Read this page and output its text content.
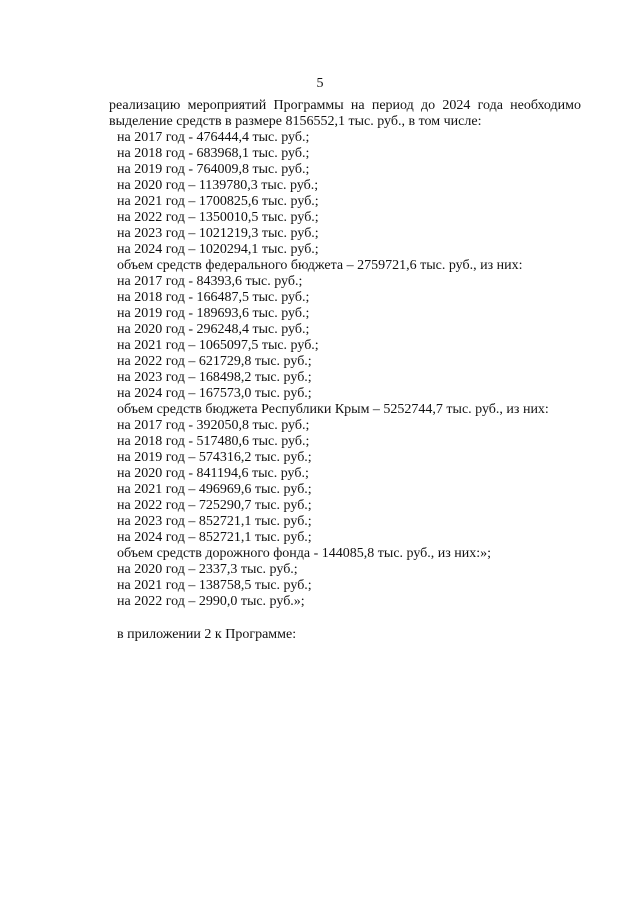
5
реализацию мероприятий Программы на период до 2024 года необходимо
выделение средств в размере 8156552,1 тыс. руб., в том числе:
на 2017 год - 476444,4 тыс. руб.;
на 2018 год - 683968,1 тыс. руб.;
на 2019 год - 764009,8 тыс. руб.;
на 2020 год – 1139780,3 тыс. руб.;
на 2021 год – 1700825,6 тыс. руб.;
на 2022 год – 1350010,5 тыс. руб.;
на 2023 год – 1021219,3 тыс. руб.;
на 2024 год – 1020294,1 тыс. руб.;
объем средств федерального бюджета – 2759721,6 тыс. руб., из них:
на 2017 год - 84393,6 тыс. руб.;
на 2018 год - 166487,5 тыс. руб.;
на 2019 год - 189693,6 тыс. руб.;
на 2020 год - 296248,4 тыс. руб.;
на 2021 год – 1065097,5 тыс. руб.;
на 2022 год – 621729,8 тыс. руб.;
на 2023 год – 168498,2 тыс. руб.;
на 2024 год – 167573,0 тыс. руб.;
объем средств бюджета Республики Крым – 5252744,7 тыс. руб., из них:
на 2017 год - 392050,8 тыс. руб.;
на 2018 год - 517480,6 тыс. руб.;
на 2019 год – 574316,2 тыс. руб.;
на 2020 год - 841194,6 тыс. руб.;
на 2021 год – 496969,6 тыс. руб.;
на 2022 год – 725290,7 тыс. руб.;
на 2023 год – 852721,1 тыс. руб.;
на 2024 год – 852721,1 тыс. руб.;
объем средств дорожного фонда - 144085,8 тыс. руб., из них:»;
на 2020 год – 2337,3 тыс. руб.;
на 2021 год – 138758,5 тыс. руб.;
на 2022 год – 2990,0 тыс. руб.»;
в приложении 2 к Программе:
